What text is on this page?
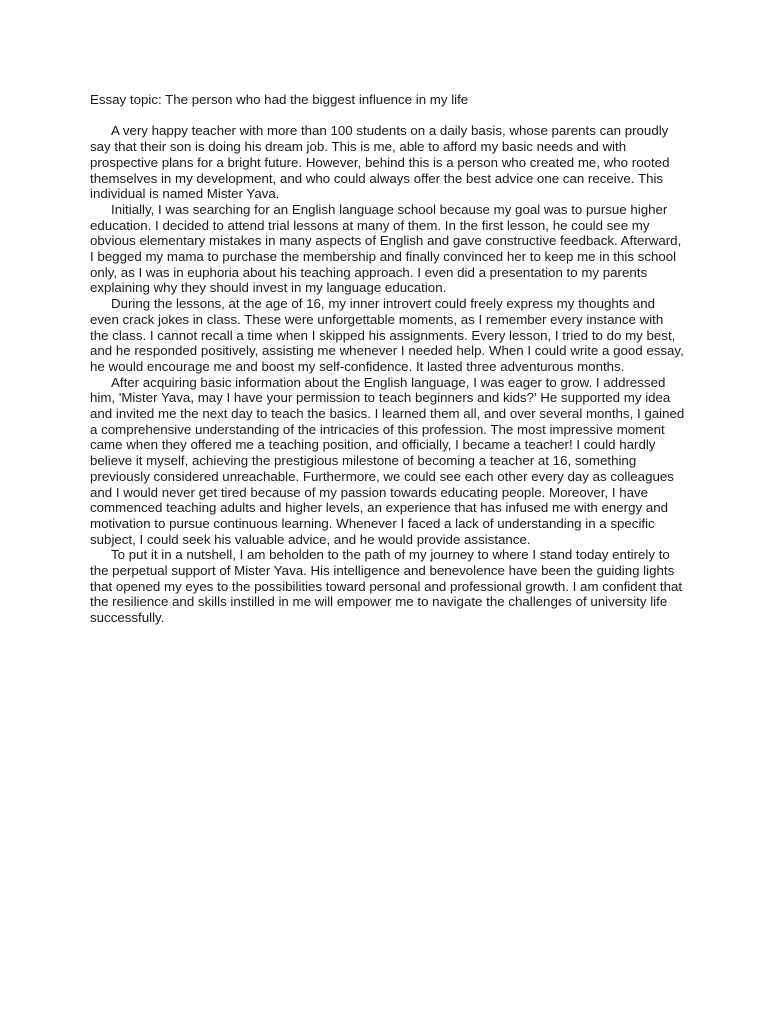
Essay topic: The person who had the biggest influence in my life

A very happy teacher with more than 100 students on a daily basis, whose parents can proudly say that their son is doing his dream job. This is me, able to afford my basic needs and with prospective plans for a bright future. However, behind this is a person who created me, who rooted themselves in my development, and who could always offer the best advice one can receive. This individual is named Mister Yava.

Initially, I was searching for an English language school because my goal was to pursue higher education. I decided to attend trial lessons at many of them. In the first lesson, he could see my obvious elementary mistakes in many aspects of English and gave constructive feedback. Afterward, I begged my mama to purchase the membership and finally convinced her to keep me in this school only, as I was in euphoria about his teaching approach. I even did a presentation to my parents explaining why they should invest in my language education.

During the lessons, at the age of 16, my inner introvert could freely express my thoughts and even crack jokes in class. These were unforgettable moments, as I remember every instance with the class. I cannot recall a time when I skipped his assignments. Every lesson, I tried to do my best, and he responded positively, assisting me whenever I needed help. When I could write a good essay, he would encourage me and boost my self-confidence. It lasted three adventurous months.

After acquiring basic information about the English language, I was eager to grow. I addressed him, 'Mister Yava, may I have your permission to teach beginners and kids?' He supported my idea and invited me the next day to teach the basics. I learned them all, and over several months, I gained a comprehensive understanding of the intricacies of this profession. The most impressive moment came when they offered me a teaching position, and officially, I became a teacher! I could hardly believe it myself, achieving the prestigious milestone of becoming a teacher at 16, something previously considered unreachable. Furthermore, we could see each other every day as colleagues and I would never get tired because of my passion towards educating people. Moreover, I have commenced teaching adults and higher levels, an experience that has infused me with energy and motivation to pursue continuous learning. Whenever I faced a lack of understanding in a specific subject, I could seek his valuable advice, and he would provide assistance.

To put it in a nutshell, I am beholden to the path of my journey to where I stand today entirely to the perpetual support of Mister Yava. His intelligence and benevolence have been the guiding lights that opened my eyes to the possibilities toward personal and professional growth. I am confident that the resilience and skills instilled in me will empower me to navigate the challenges of university life successfully.
